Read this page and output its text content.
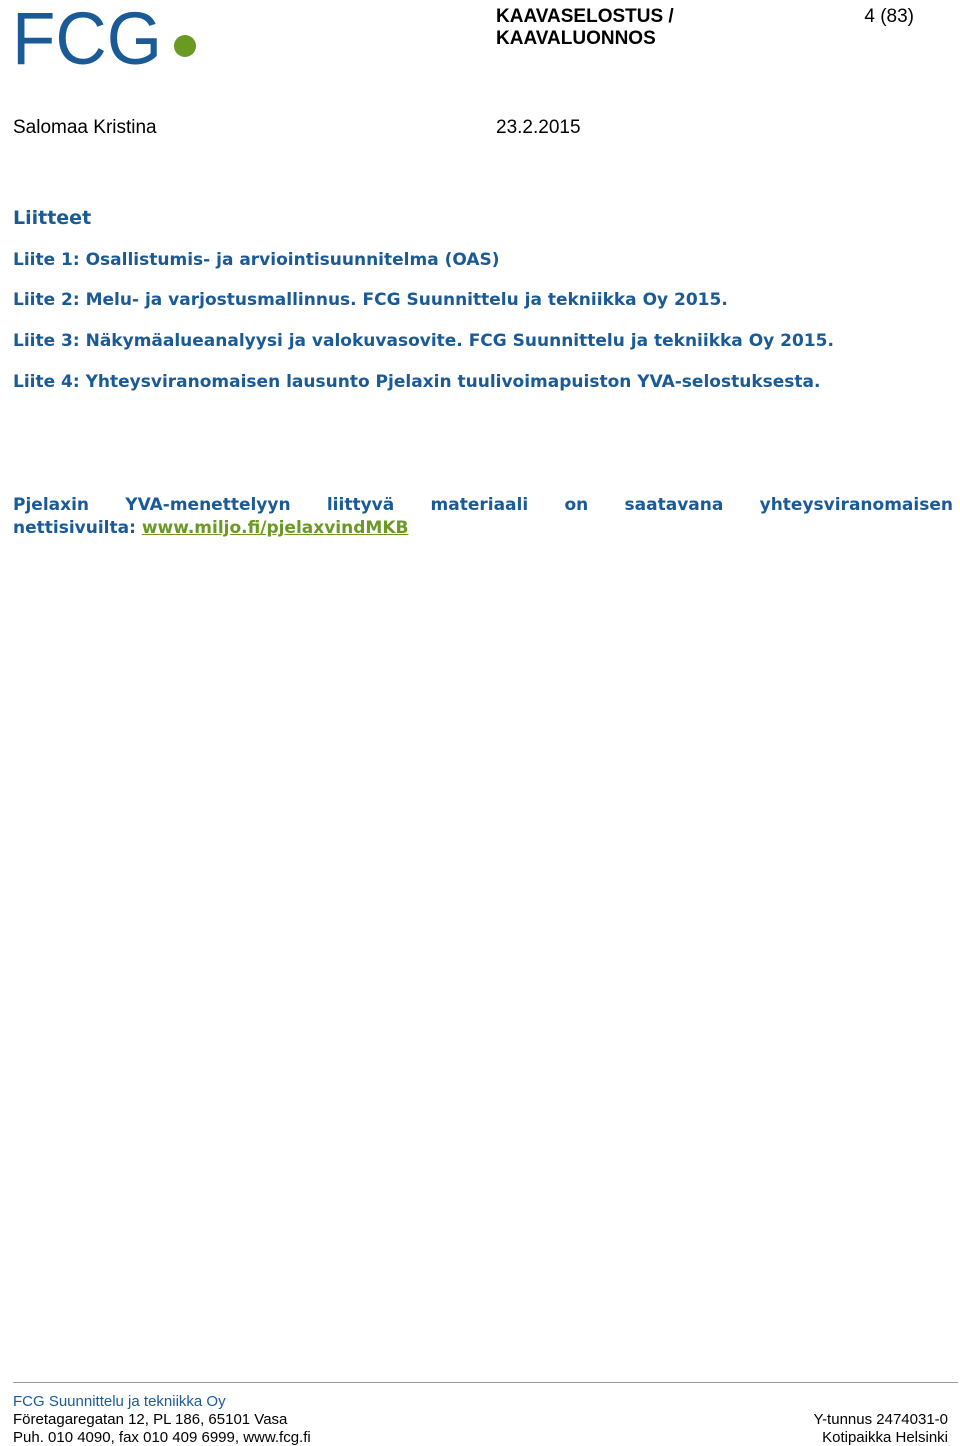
FCG	KAAVASELOSTUS /
KAAVALUONNOS
4 (83)
Salomaa Kristina	23.2.2015
Liitteet
Liite 1: Osallistumis- ja arviointisuunnitelma (OAS)
Liite 2: Melu- ja varjostusmallinnus. FCG Suunnittelu ja tekniikka Oy 2015.
Liite 3: Näkymäalueanalyysi ja valokuvasovite. FCG Suunnittelu ja tekniikka Oy 2015.
Liite 4: Yhteysviranomaisen lausunto Pjelaxin tuulivoimapuiston YVA-selostuksesta.
Pjelaxin YVA-menettelyyn liittyvä materiaali on saatavana yhteysviranomaisen
nettisivuilta: www.miljo.fi/pjelaxvindMKB
FCG Suunnittelu ja tekniikka Oy
Företagaregatan 12, PL 186, 65101 Vasa
Puh. 010 4090, fax 010 409 6999, www.fcg.fi
Y-tunnus 2474031-0
Kotipaikka Helsinki
